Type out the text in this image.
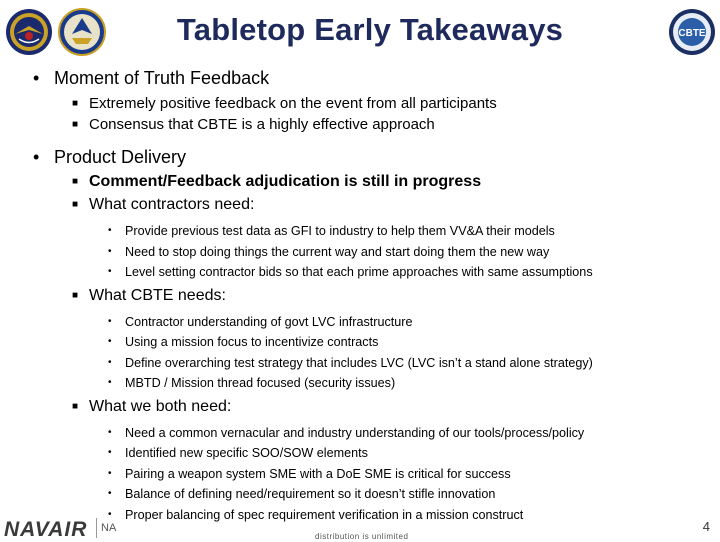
CBTE
Tabletop Early Takeaways
• Moment of Truth Feedback
■ Extremely positive feedback on the event from all participants
■ Consensus that CBTE is a highly effective approach
• Product Delivery
■ Comment/Feedback adjudication is still in progress
■ What contractors need:
• Provide previous test data as GFI to industry to help them VV&A their models
• Need to stop doing things the current way and start doing them the new way
• Level setting contractor bids so that each prime approaches with same assumptions
■ What CBTE needs:
• Contractor understanding of govt LVC infrastructure
• Using a mission focus to incentivize contracts
• Define overarching test strategy that includes LVC (LVC isn’t a stand alone strategy)
• MBTD / Mission thread focused (security issues)
■ What we both need:
• Need a common vernacular and industry understanding of our tools/process/policy
• Identified new specific SOO/SOW elements
• Pairing a weapon system SME with a DoE SME is critical for success
• Balance of defining need/requirement so it doesn’t stifle innovation
• Proper balancing of spec requirement verification in a mission construct
NAVAIR NA
distribution is unlimited
4
